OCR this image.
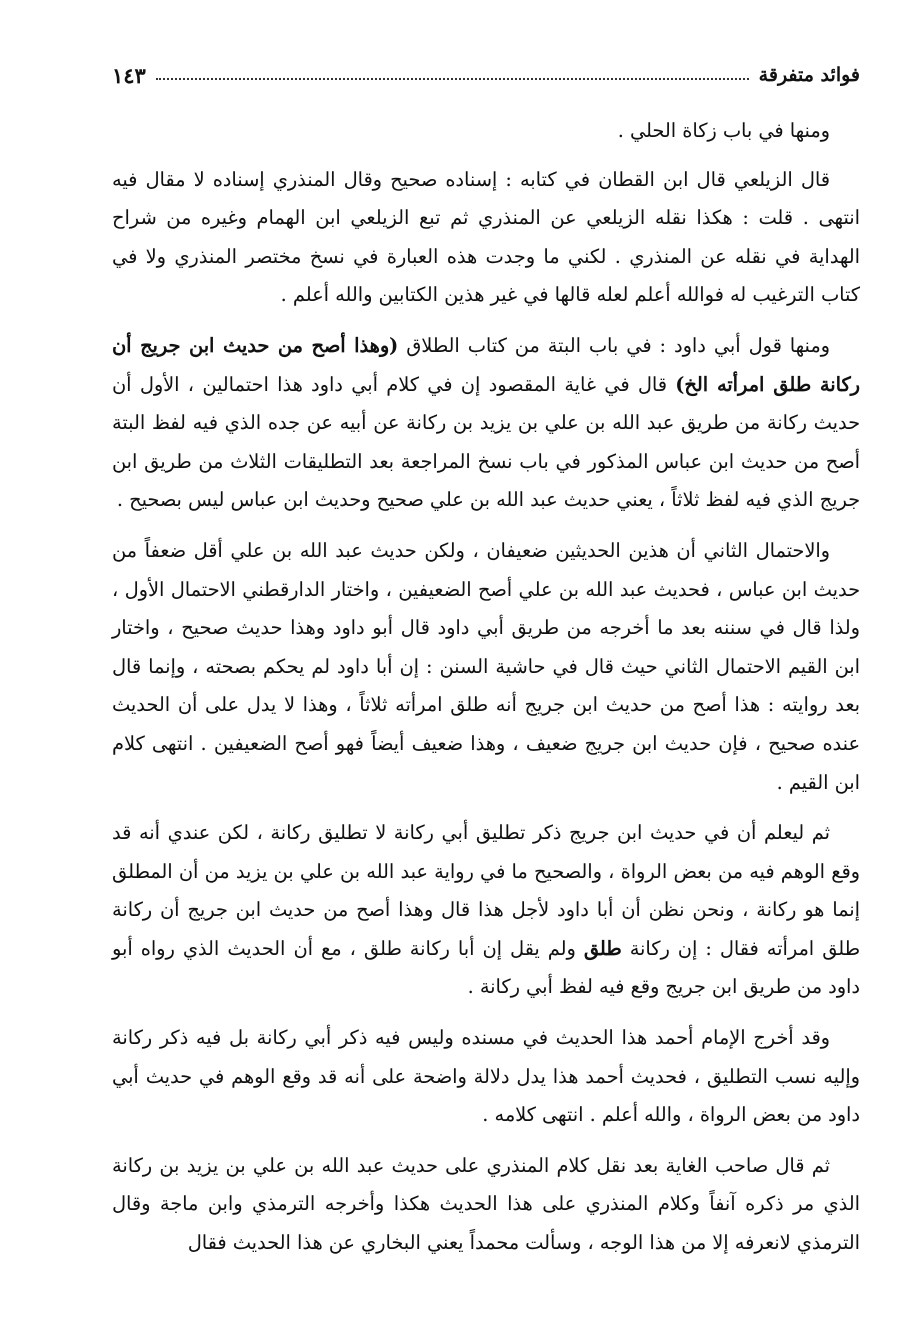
فوائد متفرقة
١٤٣

ومنها في باب زكاة الحلي .

قال الزيلعي قال ابن القطان في كتابه : إسناده صحيح وقال المنذري إسناده لا مقال فيه انتهى . قلت : هكذا نقله الزيلعي عن المنذري ثم تبع الزيلعي ابن الهمام وغيره من شراح الهداية في نقله عن المنذري . لكني ما وجدت هذه العبارة في نسخ مختصر المنذري ولا في كتاب الترغيب له فوالله أعلم لعله قالها في غير هذين الكتابين والله أعلم .

ومنها قول أبي داود : في باب البتة من كتاب الطلاق (وهذا أصح من حديث ابن جريج أن ركانة طلق امرأته الخ) قال في غاية المقصود إن في كلام أبي داود هذا احتمالين ، الأول أن حديث ركانة من طريق عبد الله بن علي بن يزيد بن ركانة عن أبيه عن جده الذي فيه لفظ البتة أصح من حديث ابن عباس المذكور في باب نسخ المراجعة بعد التطليقات الثلاث من طريق ابن جريج الذي فيه لفظ ثلاثاً ، يعني حديث عبد الله بن علي صحيح وحديث ابن عباس ليس بصحيح .

والاحتمال الثاني أن هذين الحديثين ضعيفان ، ولكن حديث عبد الله بن علي أقل ضعفاً من حديث ابن عباس ، فحديث عبد الله بن علي أصح الضعيفين ، واختار الدارقطني الاحتمال الأول ، ولذا قال في سننه بعد ما أخرجه من طريق أبي داود قال أبو داود وهذا حديث صحيح ، واختار ابن القيم الاحتمال الثاني حيث قال في حاشية السنن : إن أبا داود لم يحكم بصحته ، وإنما قال بعد روايته : هذا أصح من حديث ابن جريج أنه طلق امرأته ثلاثاً ، وهذا لا يدل على أن الحديث عنده صحيح ، فإن حديث ابن جريج ضعيف ، وهذا ضعيف أيضاً فهو أصح الضعيفين . انتهى كلام ابن القيم .

ثم ليعلم أن في حديث ابن جريج ذكر تطليق أبي ركانة لا تطليق ركانة ، لكن عندي أنه قد وقع الوهم فيه من بعض الرواة ، والصحيح ما في رواية عبد الله بن علي بن يزيد من أن المطلق إنما هو ركانة ، ونحن نظن أن أبا داود لأجل هذا قال وهذا أصح من حديث ابن جريج أن ركانة طلق امرأته فقال : إن ركانة طلق ولم يقل إن أبا ركانة طلق ، مع أن الحديث الذي رواه أبو داود من طريق ابن جريج وقع فيه لفظ أبي ركانة .

وقد أخرج الإمام أحمد هذا الحديث في مسنده وليس فيه ذكر أبي ركانة بل فيه ذكر ركانة وإليه نسب التطليق ، فحديث أحمد هذا يدل دلالة واضحة على أنه قد وقع الوهم في حديث أبي داود من بعض الرواة ، والله أعلم . انتهى كلامه .

ثم قال صاحب الغاية بعد نقل كلام المنذري على حديث عبد الله بن علي بن يزيد بن ركانة الذي مر ذكره آنفاً وكلام المنذري على هذا الحديث هكذا وأخرجه الترمذي وابن ماجة وقال الترمذي لانعرفه إلا من هذا الوجه ، وسألت محمداً يعني البخاري عن هذا الحديث فقال
